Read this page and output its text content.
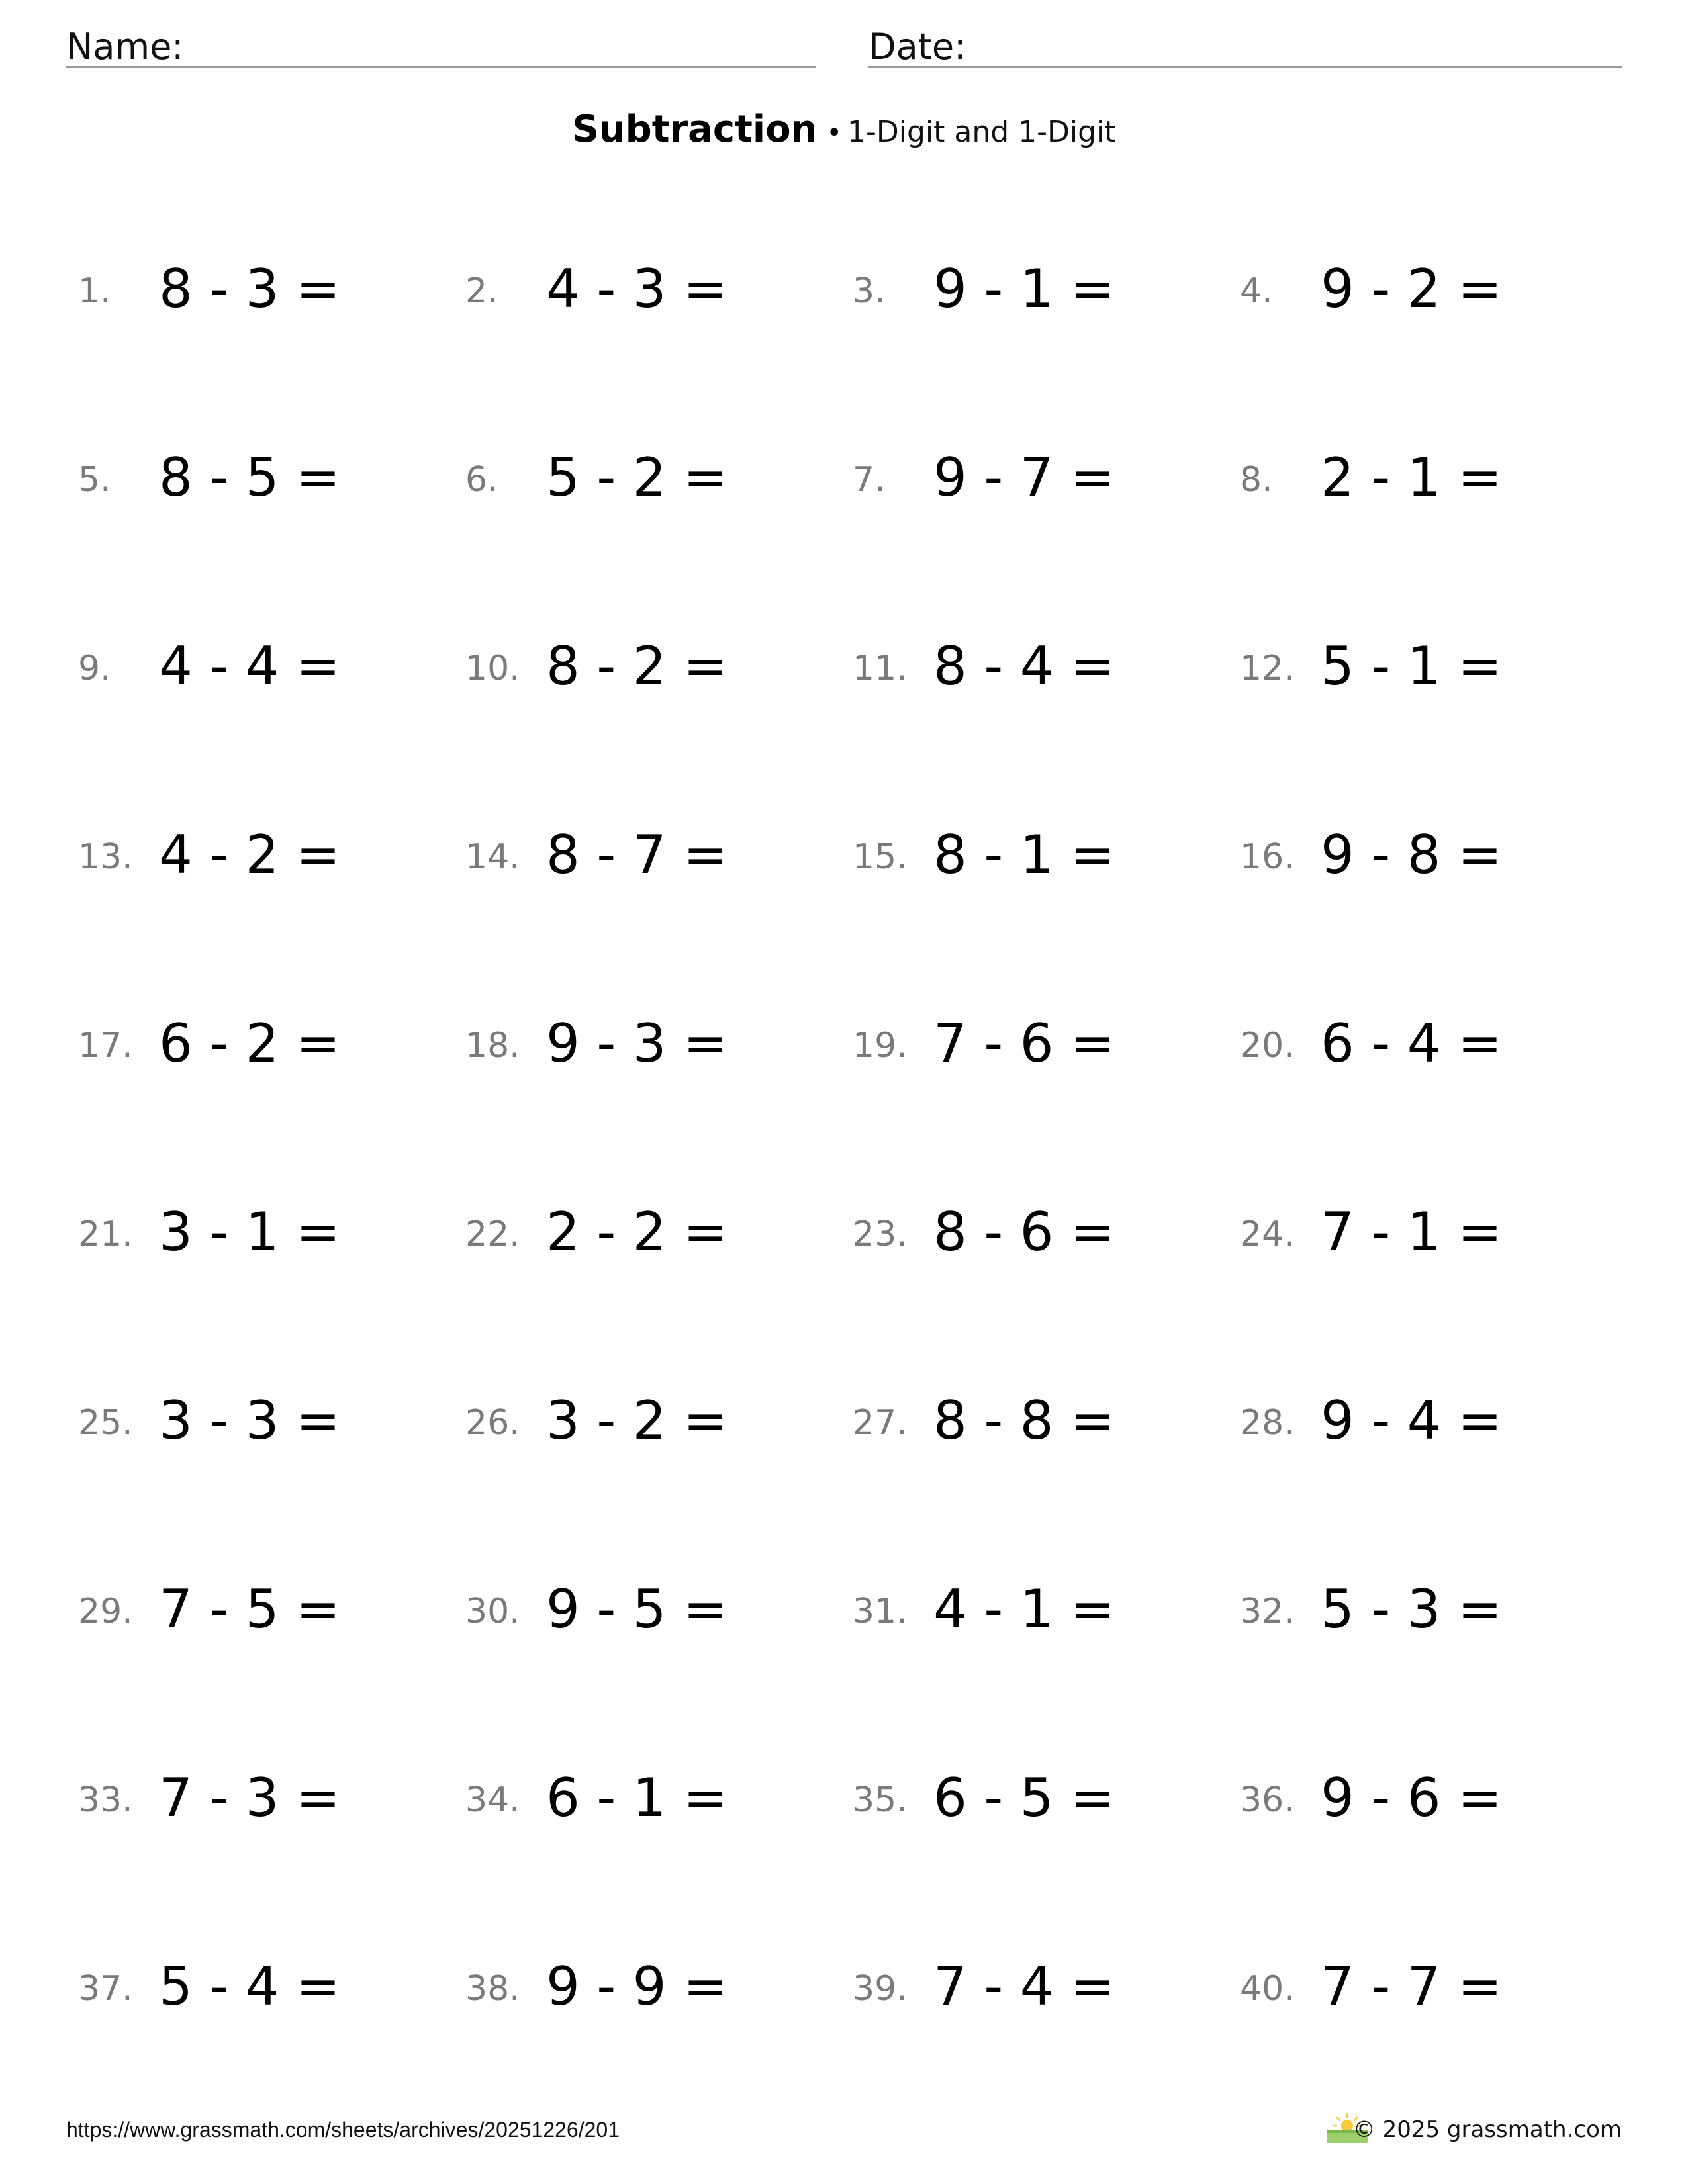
Name:	Date:
Subtraction • 1-Digit and 1-Digit
1. 8 - 3 =	2. 4 - 3 =	3. 9 - 1 =	4. 9 - 2 =
5. 8 - 5 =	6. 5 - 2 =	7. 9 - 7 =	8. 2 - 1 =
9. 4 - 4 =	10. 8 - 2 =	11. 8 - 4 =	12. 5 - 1 =
13. 4 - 2 =	14. 8 - 7 =	15. 8 - 1 =	16. 9 - 8 =
17. 6 - 2 =	18. 9 - 3 =	19. 7 - 6 =	20. 6 - 4 =
21. 3 - 1 =	22. 2 - 2 =	23. 8 - 6 =	24. 7 - 1 =
25. 3 - 3 =	26. 3 - 2 =	27. 8 - 8 =	28. 9 - 4 =
29. 7 - 5 =	30. 9 - 5 =	31. 4 - 1 =	32. 5 - 3 =
33. 7 - 3 =	34. 6 - 1 =	35. 6 - 5 =	36. 9 - 6 =
37. 5 - 4 =	38. 9 - 9 =	39. 7 - 4 =	40. 7 - 7 =
https://www.grassmath.com/sheets/archives/20251226/201	© 2025 grassmath.com
